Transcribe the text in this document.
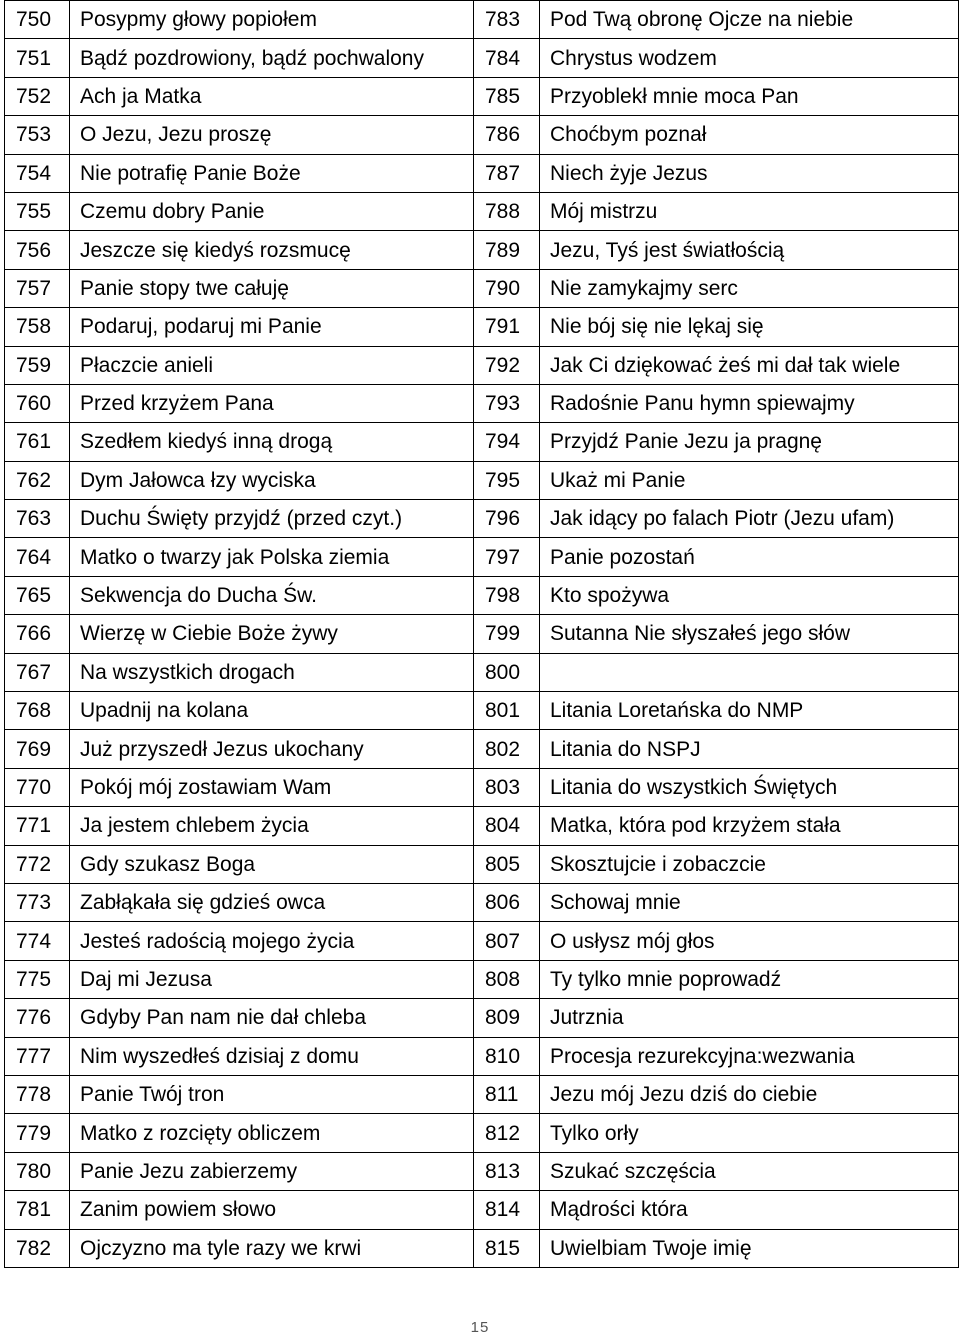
750	Posypmy głowy popiołem	783	Pod Twą obronę Ojcze na niebie
751	Bądź pozdrowiony, bądź pochwalony	784	Chrystus wodzem
752	Ach ja Matka	785	Przyoblekł mnie moca Pan
753	O Jezu, Jezu proszę	786	Choćbym poznał
754	Nie potrafię Panie Boże	787	Niech żyje Jezus
755	Czemu dobry Panie	788	Mój mistrzu
756	Jeszcze się kiedyś rozsmucę	789	Jezu, Tyś jest światłością
757	Panie stopy twe całuję	790	Nie zamykajmy serc
758	Podaruj, podaruj mi Panie	791	Nie bój się nie lękaj się
759	Płaczcie anieli	792	Jak Ci dziękować żeś mi dał tak wiele
760	Przed krzyżem Pana	793	Radośnie Panu hymn spiewajmy
761	Szedłem kiedyś inną drogą	794	Przyjdź Panie Jezu ja pragnę
762	Dym Jałowca łzy wyciska	795	Ukaż mi Panie
763	Duchu Święty przyjdź (przed czyt.)	796	Jak idący po falach Piotr (Jezu ufam)
764	Matko o twarzy jak Polska ziemia	797	Panie pozostań
765	Sekwencja do Ducha Św.	798	Kto spożywa
766	Wierzę w Ciebie Boże żywy	799	Sutanna Nie słyszałeś jego słów
767	Na wszystkich drogach	800	
768	Upadnij na kolana	801	Litania Loretańska do NMP
769	Już przyszedł Jezus ukochany	802	Litania do NSPJ
770	Pokój mój zostawiam Wam	803	Litania do wszystkich Świętych
771	Ja jestem chlebem życia	804	Matka, która pod krzyżem stała
772	Gdy szukasz Boga	805	Skosztujcie i zobaczcie
773	Zabłąkała się gdzieś owca	806	Schowaj mnie
774	Jesteś radością mojego życia	807	O usłysz mój głos
775	Daj mi Jezusa	808	Ty tylko mnie poprowadź
776	Gdyby Pan nam nie dał chleba	809	Jutrznia
777	Nim wyszedłeś dzisiaj z domu	810	Procesja rezurekcyjna:wezwania
778	Panie Twój tron	811	Jezu mój Jezu dziś do ciebie
779	Matko z rozcięty obliczem	812	Tylko orły
780	Panie Jezu zabierzemy	813	Szukać szczęścia
781	Zanim powiem słowo	814	Mądrości która
782	Ojczyzno ma tyle razy we krwi	815	Uwielbiam Twoje imię
15
